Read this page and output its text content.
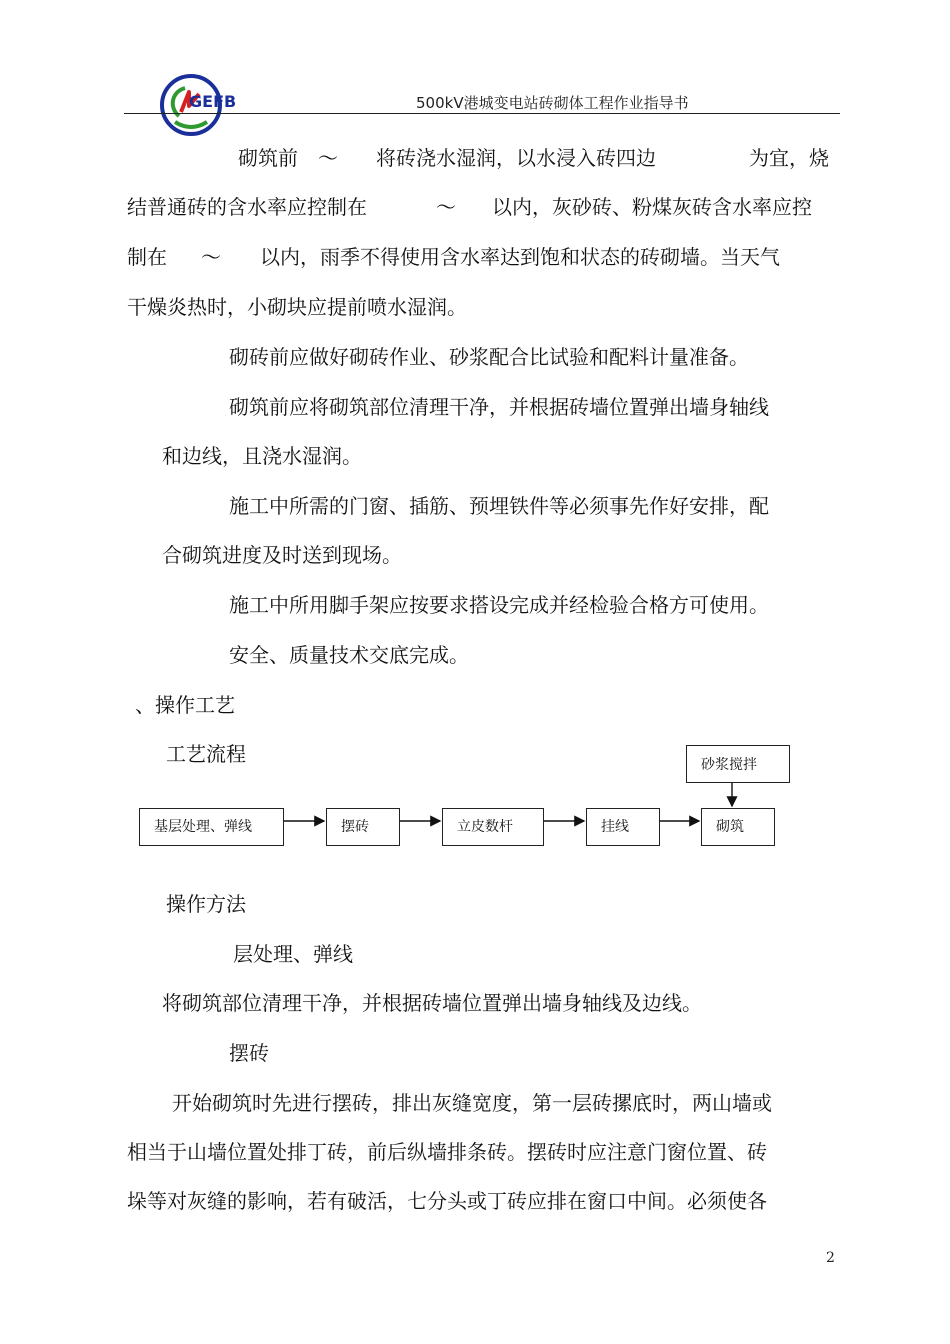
GEFB	500kV港城变电站砖砌体工程作业指导书
砌筑前 ～ 将砖浇水湿润，以水浸入砖四边	为宜，烧
结普通砖的含水率应控制在	～ 以内，灰砂砖、粉煤灰砖含水率应控
制在 ～ 以内，雨季不得使用含水率达到饱和状态的砖砌墙。当天气
干燥炎热时，小砌块应提前喷水湿润。
砌砖前应做好砌砖作业、砂浆配合比试验和配料计量准备。
砌筑前应将砌筑部位清理干净，并根据砖墙位置弹出墙身轴线
和边线，且浇水湿润。
施工中所需的门窗、插筋、预埋铁件等必须事先作好安排，配
合砌筑进度及时送到现场。
施工中所用脚手架应按要求搭设完成并经检验合格方可使用。
安全、质量技术交底完成。
、操作工艺
工艺流程	砂浆搅拌
基层处理、弹线	摆砖	立皮数杆	挂线	砌筑
操作方法
层处理、弹线
将砌筑部位清理干净，并根据砖墙位置弹出墙身轴线及边线。
摆砖
开始砌筑时先进行摆砖，排出灰缝宽度，第一层砖摞底时，两山墙或
相当于山墙位置处排丁砖，前后纵墙排条砖。摆砖时应注意门窗位置、砖
垛等对灰缝的影响，若有破活，七分头或丁砖应排在窗口中间。必须使各
2
